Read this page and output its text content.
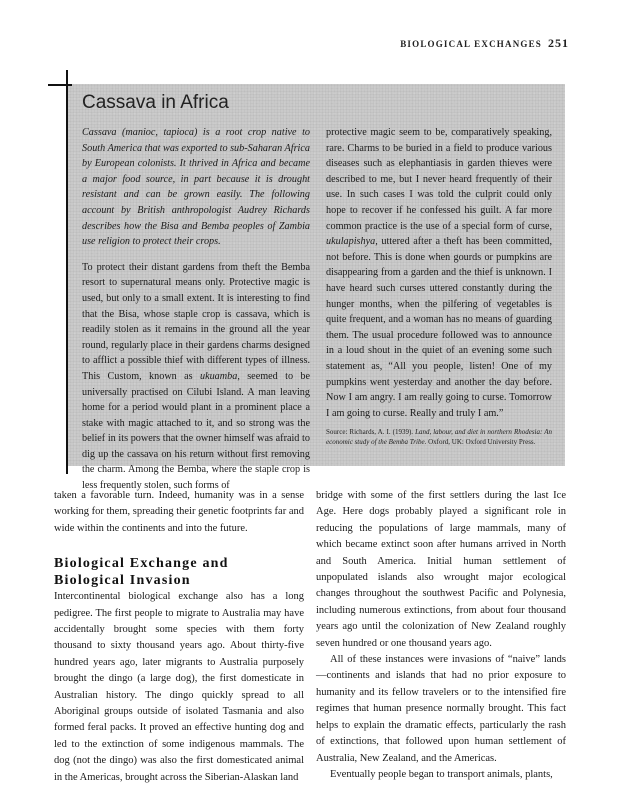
BIOLOGICAL EXCHANGES 251
Cassava in Africa

Cassava (manioc, tapioca) is a root crop native to South America that was exported to sub-Saharan Africa by European colonists. It thrived in Africa and became a major food source, in part because it is drought resistant and can be grown easily. The following account by British anthropologist Audrey Richards describes how the Bisa and Bemba peoples of Zambia use religion to protect their crops.

To protect their distant gardens from theft the Bemba resort to supernatural means only. Protective magic is used, but only to a small extent. It is interesting to find that the Bisa, whose staple crop is cassava, which is readily stolen as it remains in the ground all the year round, regularly place in their gardens charms designed to afflict a possible thief with different types of illness. This Custom, known as ukuamba, seemed to be universally practised on Cilubi Island. A man leaving home for a period would plant in a prominent place a stake with magic attached to it, and so strong was the belief in its powers that the owner himself was afraid to dig up the cassava on his return without first removing the charm. Among the Bemba, where the staple crop is less frequently stolen, such forms of

protective magic seem to be, comparatively speaking, rare. Charms to be buried in a field to produce various diseases such as elephantiasis in garden thieves were described to me, but I never heard frequently of their use. In such cases I was told the culprit could only hope to recover if he confessed his guilt. A far more common practice is the use of a special form of curse, ukulapishya, uttered after a theft has been committed, not before. This is done when gourds or pumpkins are disappearing from a garden and the thief is unknown. I have heard such curses uttered constantly during the hunger months, when the pilfering of vegetables is quite frequent, and a woman has no means of guarding them. The usual procedure followed was to announce in a loud shout in the quiet of an evening some such statement as, “All you people, listen! One of my pumpkins went yesterday and another the day before. Now I am angry. I am really going to curse. Tomorrow I am going to curse. Really and truly I am.”

Source: Richards, A. I. (1939). Land, labour, and diet in northern Rhodesia: An economic study of the Bemba Tribe. Oxford, UK: Oxford University Press.

taken a favorable turn. Indeed, humanity was in a sense working for them, spreading their genetic footprints far and wide within the continents and into the future.

Biological Exchange and
Biological Invasion

Intercontinental biological exchange also has a long pedigree. The first people to migrate to Australia may have accidentally brought some species with them forty thousand to sixty thousand years ago. About thirty-five hundred years ago, later migrants to Australia purposely brought the dingo (a large dog), the first domesticate in Australian history. The dingo quickly spread to all Aboriginal groups outside of isolated Tasmania and also formed feral packs. It proved an effective hunting dog and led to the extinction of some indigenous mammals. The dog (not the dingo) was also the first domesticated animal in the Americas, brought across the Siberian-Alaskan land

bridge with some of the first settlers during the last Ice Age. Here dogs probably played a significant role in reducing the populations of large mammals, many of which became extinct soon after humans arrived in North and South America. Initial human settlement of unpopulated islands also wrought major ecological changes throughout the southwest Pacific and Polynesia, including numerous extinctions, from about four thousand years ago until the colonization of New Zealand roughly seven hundred or one thousand years ago.

All of these instances were invasions of “naive” lands—continents and islands that had no prior exposure to humanity and its fellow travelers or to the intensified fire regimes that human presence normally brought. This fact helps to explain the dramatic effects, particularly the rash of extinctions, that followed upon human settlement of Australia, New Zealand, and the Americas.

Eventually people began to transport animals, plants,
